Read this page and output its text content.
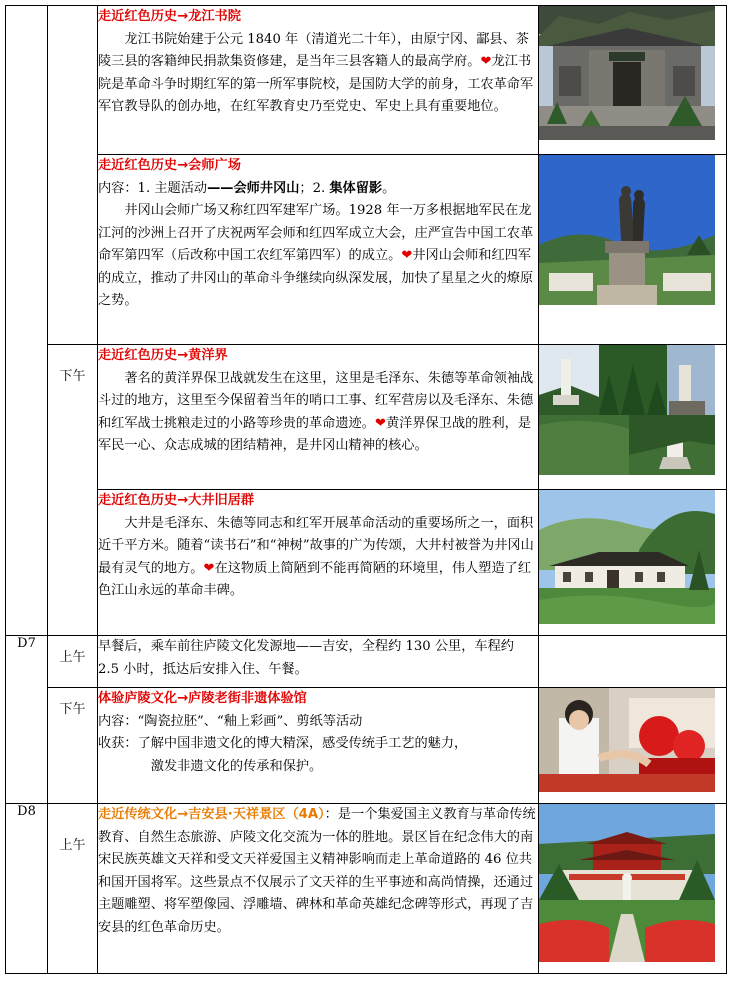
		走近红色历史→龙江书院

龙江书院始建于公元 1840 年（清道光二十年），由原宁冈、酃县、茶陵三县的客籍绅民捐款集资修建，是当年三县客籍人的最高学府。❤龙江书院是革命斗争时期红军的第一所军事院校，是国防大学的前身，工农革命军军官教导队的创办地，在红军教育史乃至党史、军史上具有重要地位。

		走近红色历史→会师广场

内容：1. 主题活动——会师井冈山；2. 集体留影。

井冈山会师广场又称红四军建军广场。1928 年一万多根据地军民在龙江河的沙洲上召开了庆祝两军会师和红四军成立大会，庄严宣告中国工农革命军第四军（后改称中国工农红军第四军）的成立。❤井冈山会师和红四军的成立，推动了井冈山的革命斗争继续向纵深发展，加快了星星之火的燎原之势。

	下午	走近红色历史→黄洋界

著名的黄洋界保卫战就发生在这里，这里是毛泽东、朱德等革命领袖战斗过的地方，这里至今保留着当年的哨口工事、红军营房以及毛泽东、朱德和红军战士挑粮走过的小路等珍贵的革命遗迹。❤黄洋界保卫战的胜利，是军民一心、众志成城的团结精神，是井冈山精神的核心。

		走近红色历史→大井旧居群

大井是毛泽东、朱德等同志和红军开展革命活动的重要场所之一，面积近千平方米。随着“读书石”和“神树”故事的广为传颂，大井村被誉为井冈山最有灵气的地方。❤在这物质上简陋到不能再简陋的环境里，伟人塑造了红色江山永远的革命丰碑。

D7	上午	早餐后，乘车前往庐陵文化发源地——吉安，全程约 130 公里，车程约 2.5 小时，抵达后安排入住、午餐。	

	下午	体验庐陵文化→庐陵老街非遗体验馆

内容：“陶瓷拉胚”、“釉上彩画”、剪纸等活动

收获：了解中国非遗文化的博大精深，感受传统手工艺的魅力，

激发非遗文化的传承和保护。

D8	上午	走近传统文化→吉安县·天祥景区（4A）：是一个集爱国主义教育与革命传统教育、自然生态旅游、庐陵文化交流为一体的胜地。景区旨在纪念伟大的南宋民族英雄文天祥和受文天祥爱国主义精神影响而走上革命道路的 46 位共和国开国将军。这些景点不仅展示了文天祥的生平事迹和高尚情操，还通过主题雕塑、将军塑像园、浮雕墙、碑林和革命英雄纪念碑等形式，再现了吉安县的红色革命历史。
